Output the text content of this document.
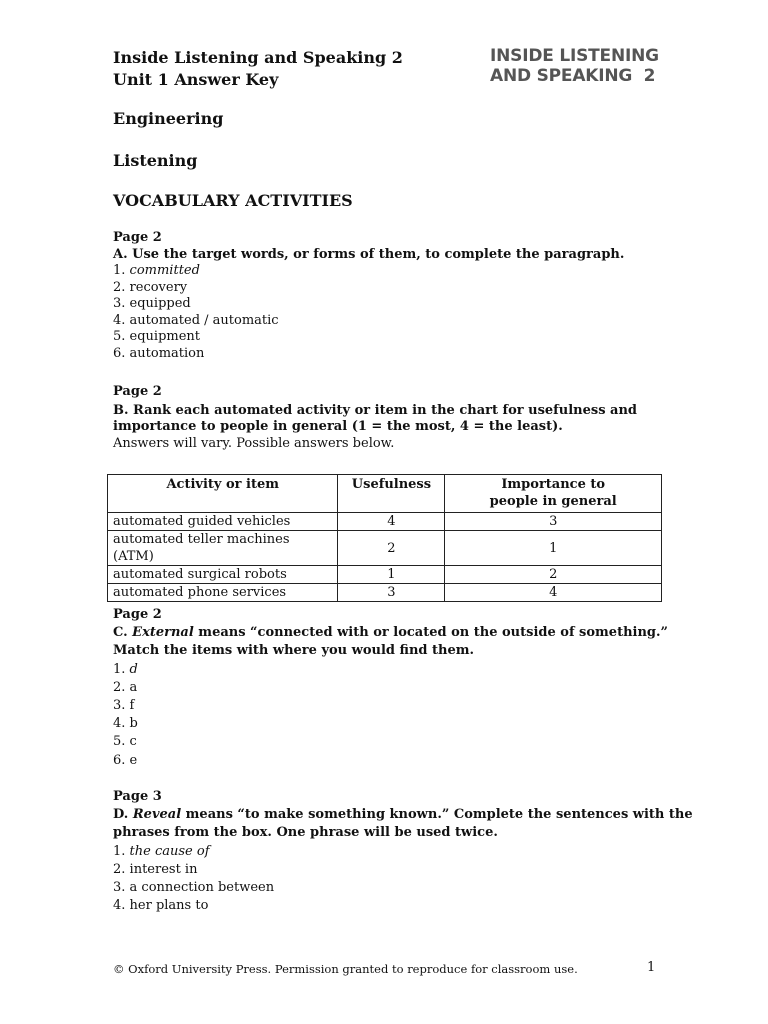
Inside Listening and Speaking 2
Unit 1 Answer Key
INSIDE LISTENING
AND SPEAKING 2
Engineering
Listening
VOCABULARY ACTIVITIES
Page 2
A. Use the target words, or forms of them, to complete the paragraph.
1. committed
2. recovery
3. equipped
4. automated / automatic
5. equipment
6. automation
Page 2
B. Rank each automated activity or item in the chart for usefulness and
importance to people in general (1 = the most, 4 = the least).
Answers will vary. Possible answers below.
Activity or item	Usefulness	Importance to
people in general
automated guided vehicles	4	3
automated teller machines (ATM)	2	1
automated surgical robots	1	2
automated phone services	3	4
Page 2
C. External means “connected with or located on the outside of something.”
Match the items with where you would find them.
1. d
2. a
3. f
4. b
5. c
6. e
Page 3
D. Reveal means “to make something known.” Complete the sentences with the
phrases from the box. One phrase will be used twice.
1. the cause of
2. interest in
3. a connection between
4. her plans to
© Oxford University Press. Permission granted to reproduce for classroom use.	1
